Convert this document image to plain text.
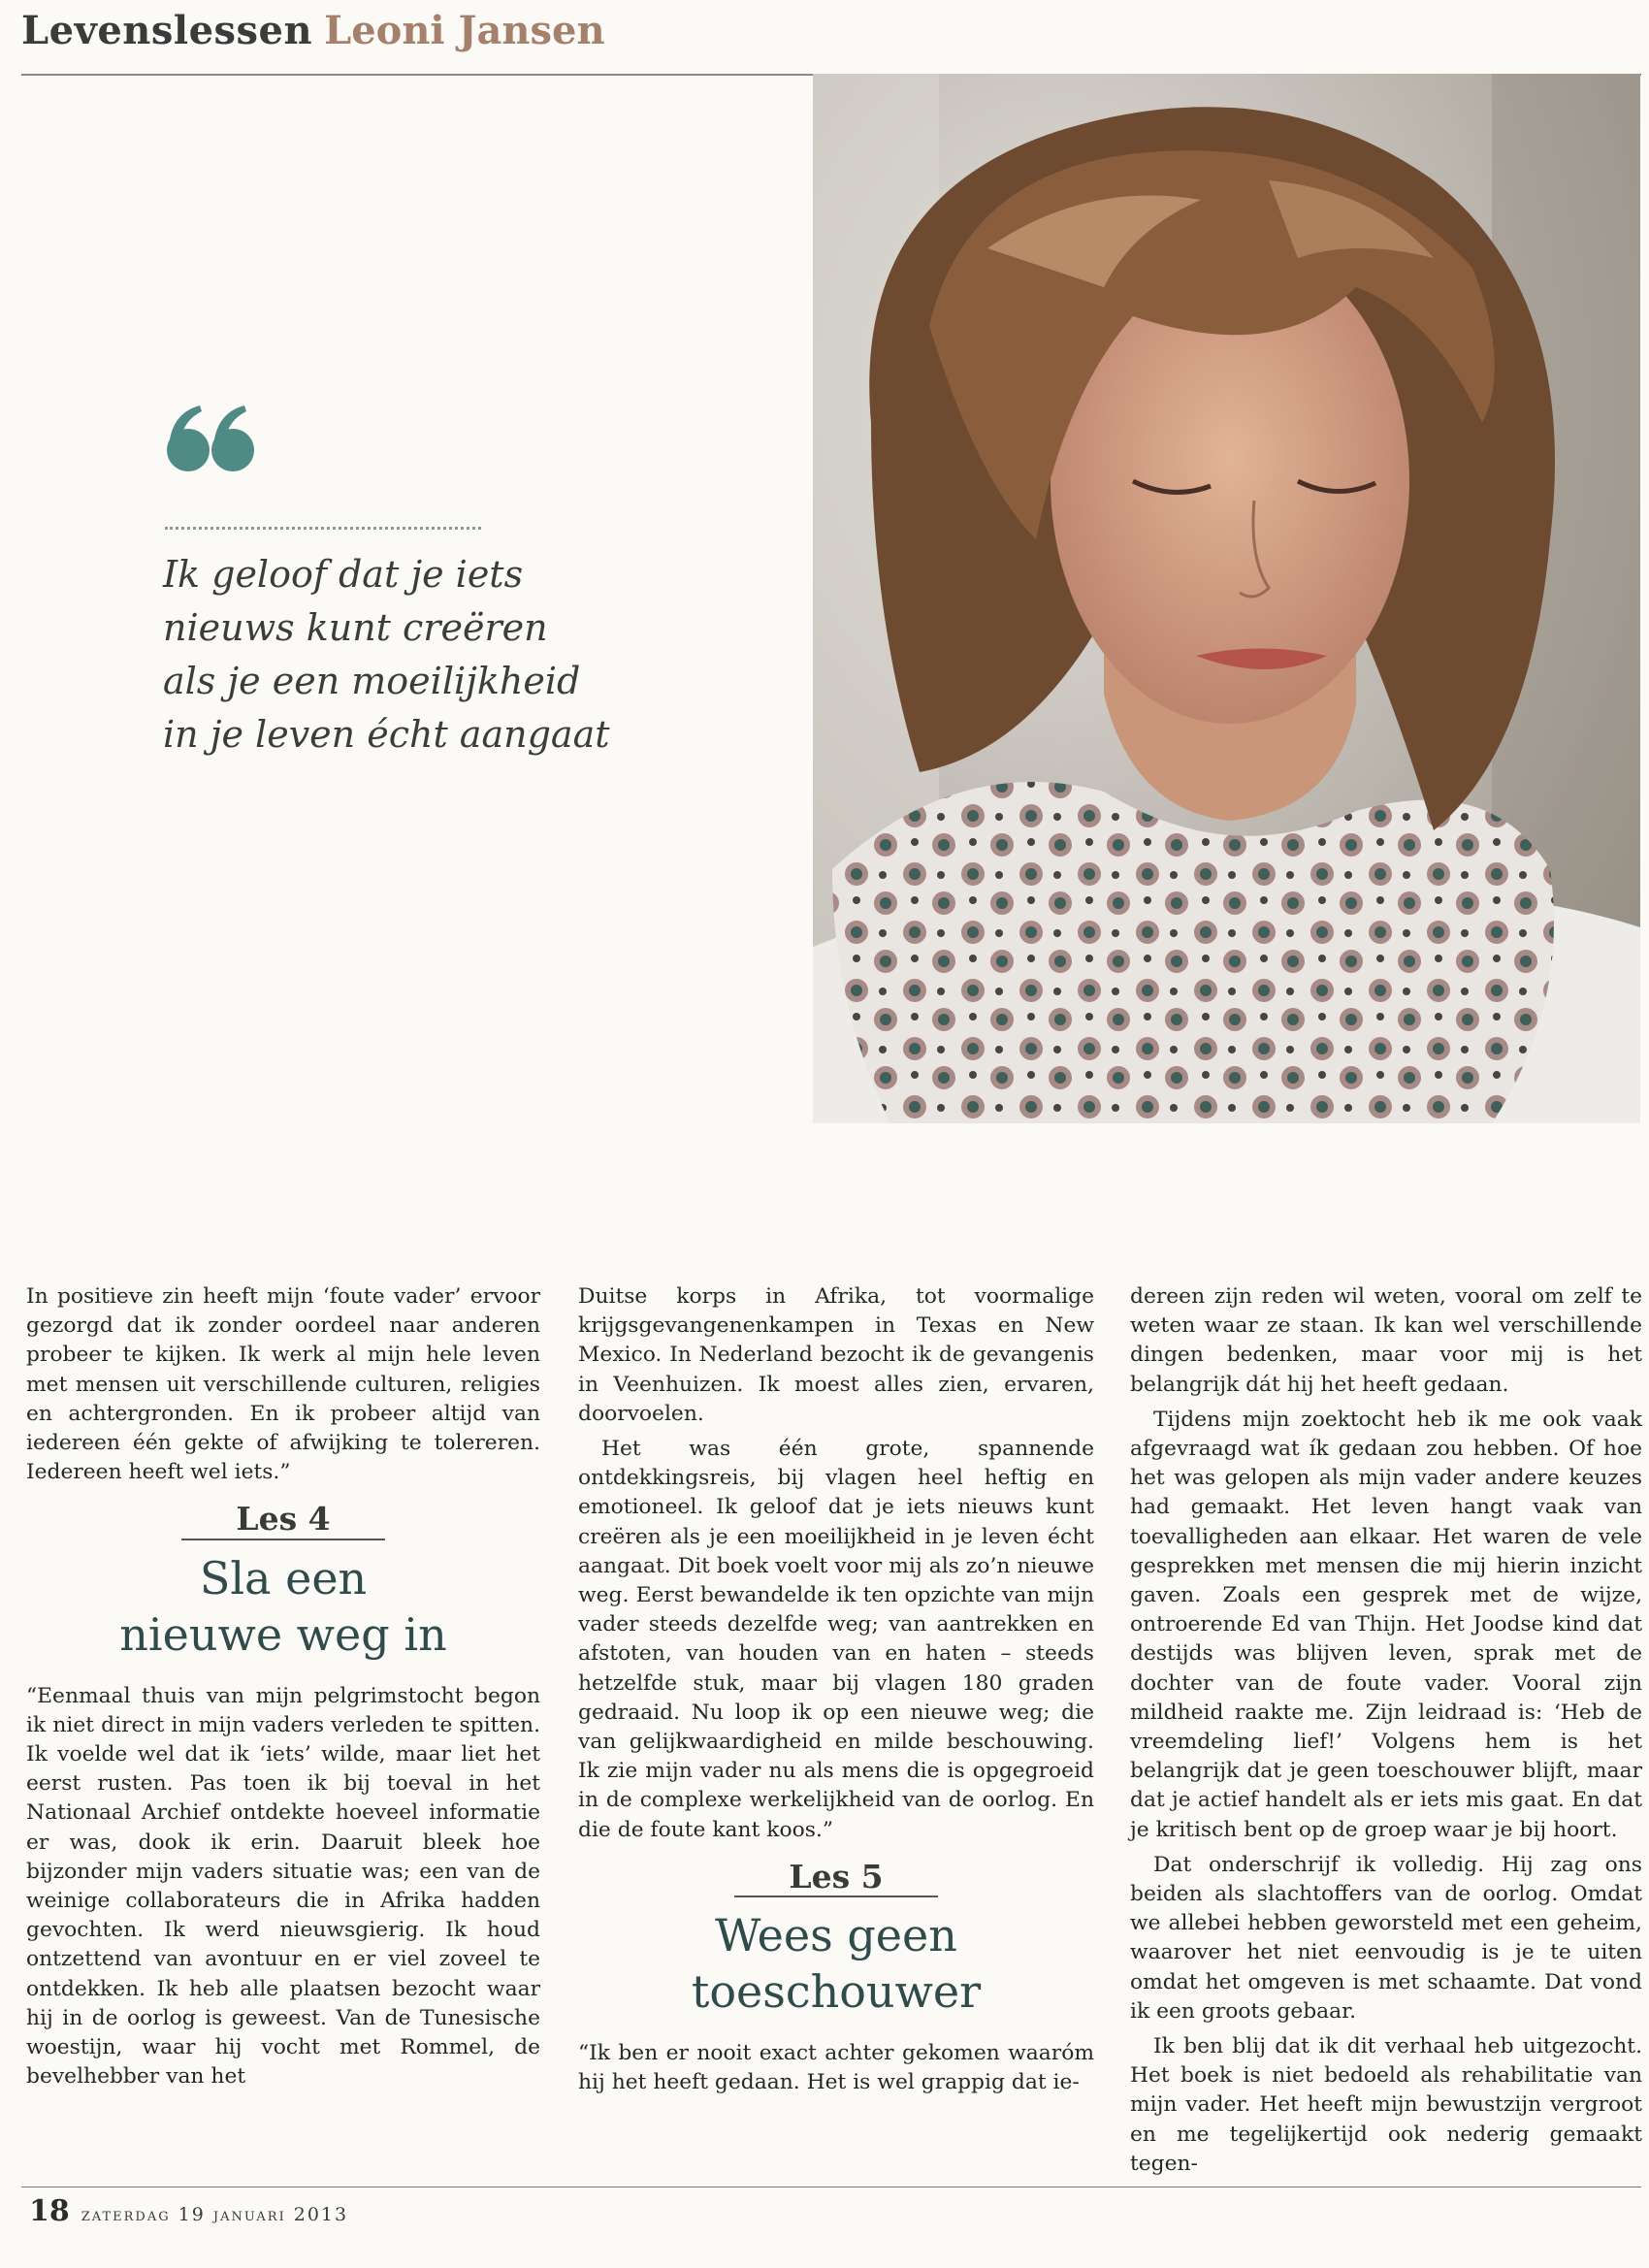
Levenslessen Leoni Jansen
Ik geloof dat je iets
nieuws kunt creëren
als je een moeilijkheid
in je leven écht aangaat

In positieve zin heeft mijn ‘foute vader’ ervoor gezorgd dat ik zonder oordeel naar anderen probeer te kijken. Ik werk al mijn hele leven met mensen uit verschillende culturen, religies en achtergronden. En ik probeer altijd van iedereen één gekte of afwijking te tolereren. Iedereen heeft wel iets.”

Les 4
Sla een
nieuwe weg in

“Eenmaal thuis van mijn pelgrimstocht begon ik niet direct in mijn vaders verleden te spitten. Ik voelde wel dat ik ‘iets’ wilde, maar liet het eerst rusten. Pas toen ik bij toeval in het Nationaal Archief ontdekte hoeveel informatie er was, dook ik erin. Daaruit bleek hoe bijzonder mijn vaders situatie was; een van de weinige collaborateurs die in Afrika hadden gevochten. Ik werd nieuwsgierig. Ik houd ontzettend van avontuur en er viel zoveel te ontdekken. Ik heb alle plaatsen bezocht waar hij in de oorlog is geweest. Van de Tunesische woestijn, waar hij vocht met Rommel, de bevelhebber van het

Duitse korps in Afrika, tot voormalige krijgsgevangenenkampen in Texas en New Mexico. In Nederland bezocht ik de gevangenis in Veenhuizen. Ik moest alles zien, ervaren, doorvoelen.

Het was één grote, spannende ontdekkingsreis, bij vlagen heel heftig en emotioneel. Ik geloof dat je iets nieuws kunt creëren als je een moeilijkheid in je leven écht aangaat. Dit boek voelt voor mij als zo’n nieuwe weg. Eerst bewandelde ik ten opzichte van mijn vader steeds dezelfde weg; van aantrekken en afstoten, van houden van en haten – steeds hetzelfde stuk, maar bij vlagen 180 graden gedraaid. Nu loop ik op een nieuwe weg; die van gelijkwaardigheid en milde beschouwing. Ik zie mijn vader nu als mens die is opgegroeid in de complexe werkelijkheid van de oorlog. En die de foute kant koos.”

Les 5
Wees geen
toeschouwer

“Ik ben er nooit exact achter gekomen waaróm hij het heeft gedaan. Het is wel grappig dat ie-

dereen zijn reden wil weten, vooral om zelf te weten waar ze staan. Ik kan wel verschillende dingen bedenken, maar voor mij is het belangrijk dát hij het heeft gedaan.

Tijdens mijn zoektocht heb ik me ook vaak afgevraagd wat ík gedaan zou hebben. Of hoe het was gelopen als mijn vader andere keuzes had gemaakt. Het leven hangt vaak van toevalligheden aan elkaar. Het waren de vele gesprekken met mensen die mij hierin inzicht gaven. Zoals een gesprek met de wijze, ontroerende Ed van Thijn. Het Joodse kind dat destijds was blijven leven, sprak met de dochter van de foute vader. Vooral zijn mildheid raakte me. Zijn leidraad is: ‘Heb de vreemdeling lief!’ Volgens hem is het belangrijk dat je geen toeschouwer blijft, maar dat je actief handelt als er iets mis gaat. En dat je kritisch bent op de groep waar je bij hoort.

Dat onderschrijf ik volledig. Hij zag ons beiden als slachtoffers van de oorlog. Omdat we allebei hebben geworsteld met een geheim, waarover het niet eenvoudig is je te uiten omdat het omgeven is met schaamte. Dat vond ik een groots gebaar.

Ik ben blij dat ik dit verhaal heb uitgezocht. Het boek is niet bedoeld als rehabilitatie van mijn vader. Het heeft mijn bewustzijn vergroot en me tegelijkertijd ook nederig gemaakt tegen-

18 zaterdag 19 januari 2013
